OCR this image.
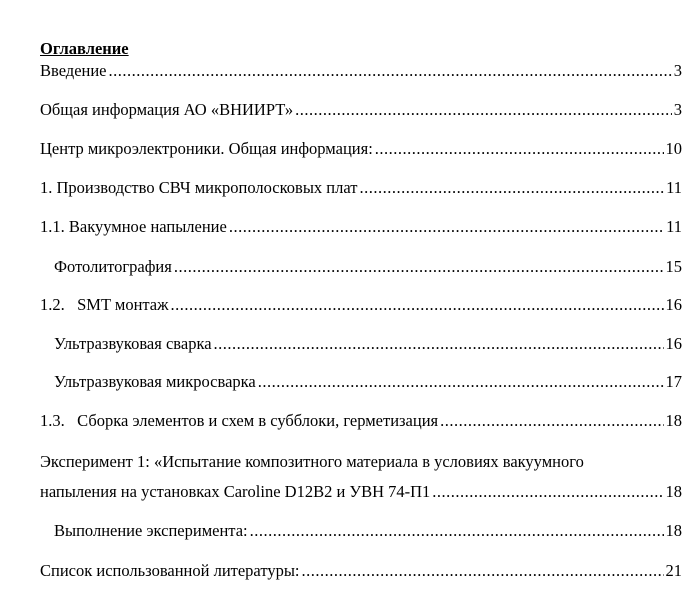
Оглавление
Введение .....	3
Общая информация АО «ВНИИРТ» .....	3
Центр микроэлектроники. Общая информация: .....	10
1. Производство СВЧ микрополосковых плат .....	11
1.1. Вакуумное напыление .....	11
Фотолитография .....	15
1.2.   SMT монтаж .....	16
Ультразвуковая сварка .....	16
Ультразвуковая микросварка .....	17
1.3.   Сборка элементов и схем в субблоки, герметизация .....	18
Эксперимент 1: «Испытание композитного материала в условиях вакуумного
напыления на установках Caroline D12B2 и УВН 74-П1 .....	18
Выполнение эксперимента: .....	18
Список использованной литературы: .....	21
